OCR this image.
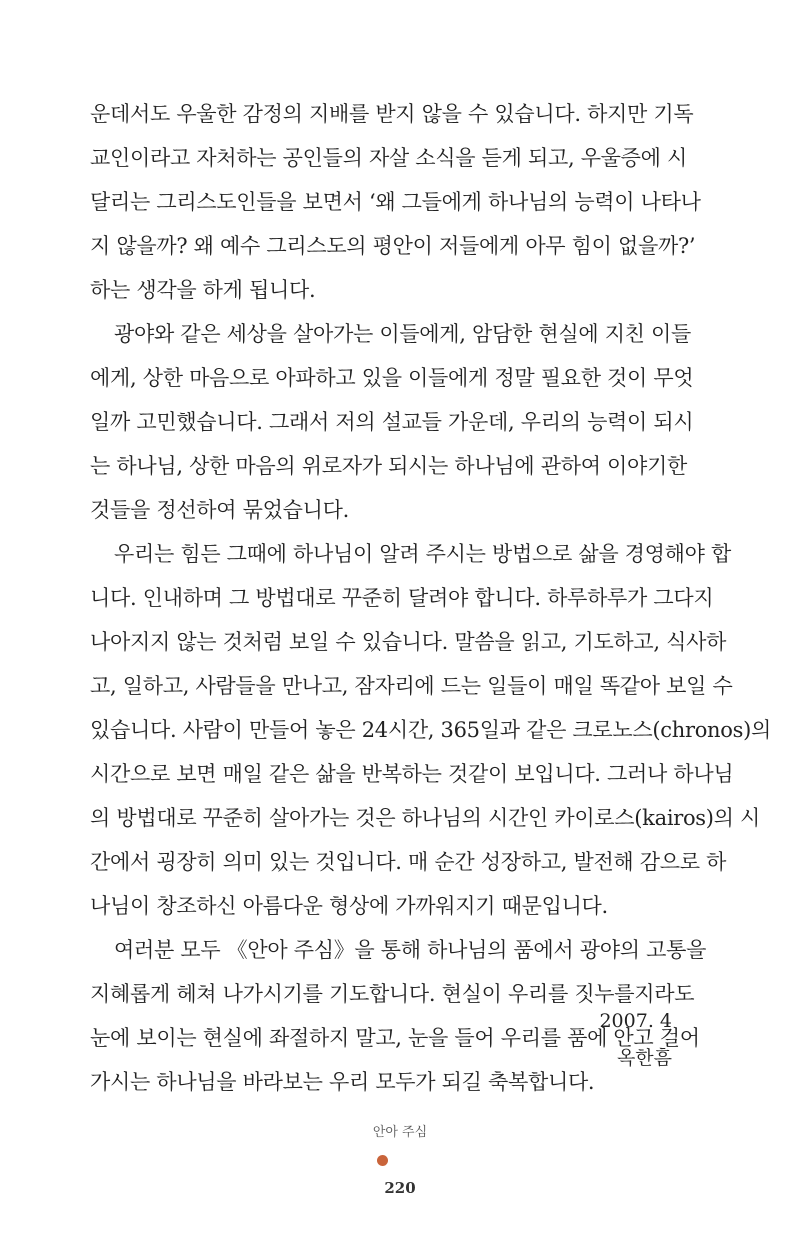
운데서도 우울한 감정의 지배를 받지 않을 수 있습니다. 하지만 기독
교인이라고 자처하는 공인들의 자살 소식을 듣게 되고, 우울증에 시
달리는 그리스도인들을 보면서 ‘왜 그들에게 하나님의 능력이 나타나
지 않을까? 왜 예수 그리스도의 평안이 저들에게 아무 힘이 없을까?’
하는 생각을 하게 됩니다.
광야와 같은 세상을 살아가는 이들에게, 암담한 현실에 지친 이들
에게, 상한 마음으로 아파하고 있을 이들에게 정말 필요한 것이 무엇
일까 고민했습니다. 그래서 저의 설교들 가운데, 우리의 능력이 되시
는 하나님, 상한 마음의 위로자가 되시는 하나님에 관하여 이야기한
것들을 정선하여 묶었습니다.
우리는 힘든 그때에 하나님이 알려 주시는 방법으로 삶을 경영해야 합
니다. 인내하며 그 방법대로 꾸준히 달려야 합니다. 하루하루가 그다지
나아지지 않는 것처럼 보일 수 있습니다. 말씀을 읽고, 기도하고, 식사하
고, 일하고, 사람들을 만나고, 잠자리에 드는 일들이 매일 똑같아 보일 수
있습니다. 사람이 만들어 놓은 24시간, 365일과 같은 크로노스(chronos)의
시간으로 보면 매일 같은 삶을 반복하는 것같이 보입니다. 그러나 하나님
의 방법대로 꾸준히 살아가는 것은 하나님의 시간인 카이로스(kairos)의 시
간에서 굉장히 의미 있는 것입니다. 매 순간 성장하고, 발전해 감으로 하
나님이 창조하신 아름다운 형상에 가까워지기 때문입니다.
여러분 모두 《안아 주심》을 통해 하나님의 품에서 광야의 고통을
지혜롭게 헤쳐 나가시기를 기도합니다. 현실이 우리를 짓누를지라도
눈에 보이는 현실에 좌절하지 말고, 눈을 들어 우리를 품에 안고 걸어
가시는 하나님을 바라보는 우리 모두가 되길 축복합니다.
2007. 4
옥한흠
안아 주심
220
